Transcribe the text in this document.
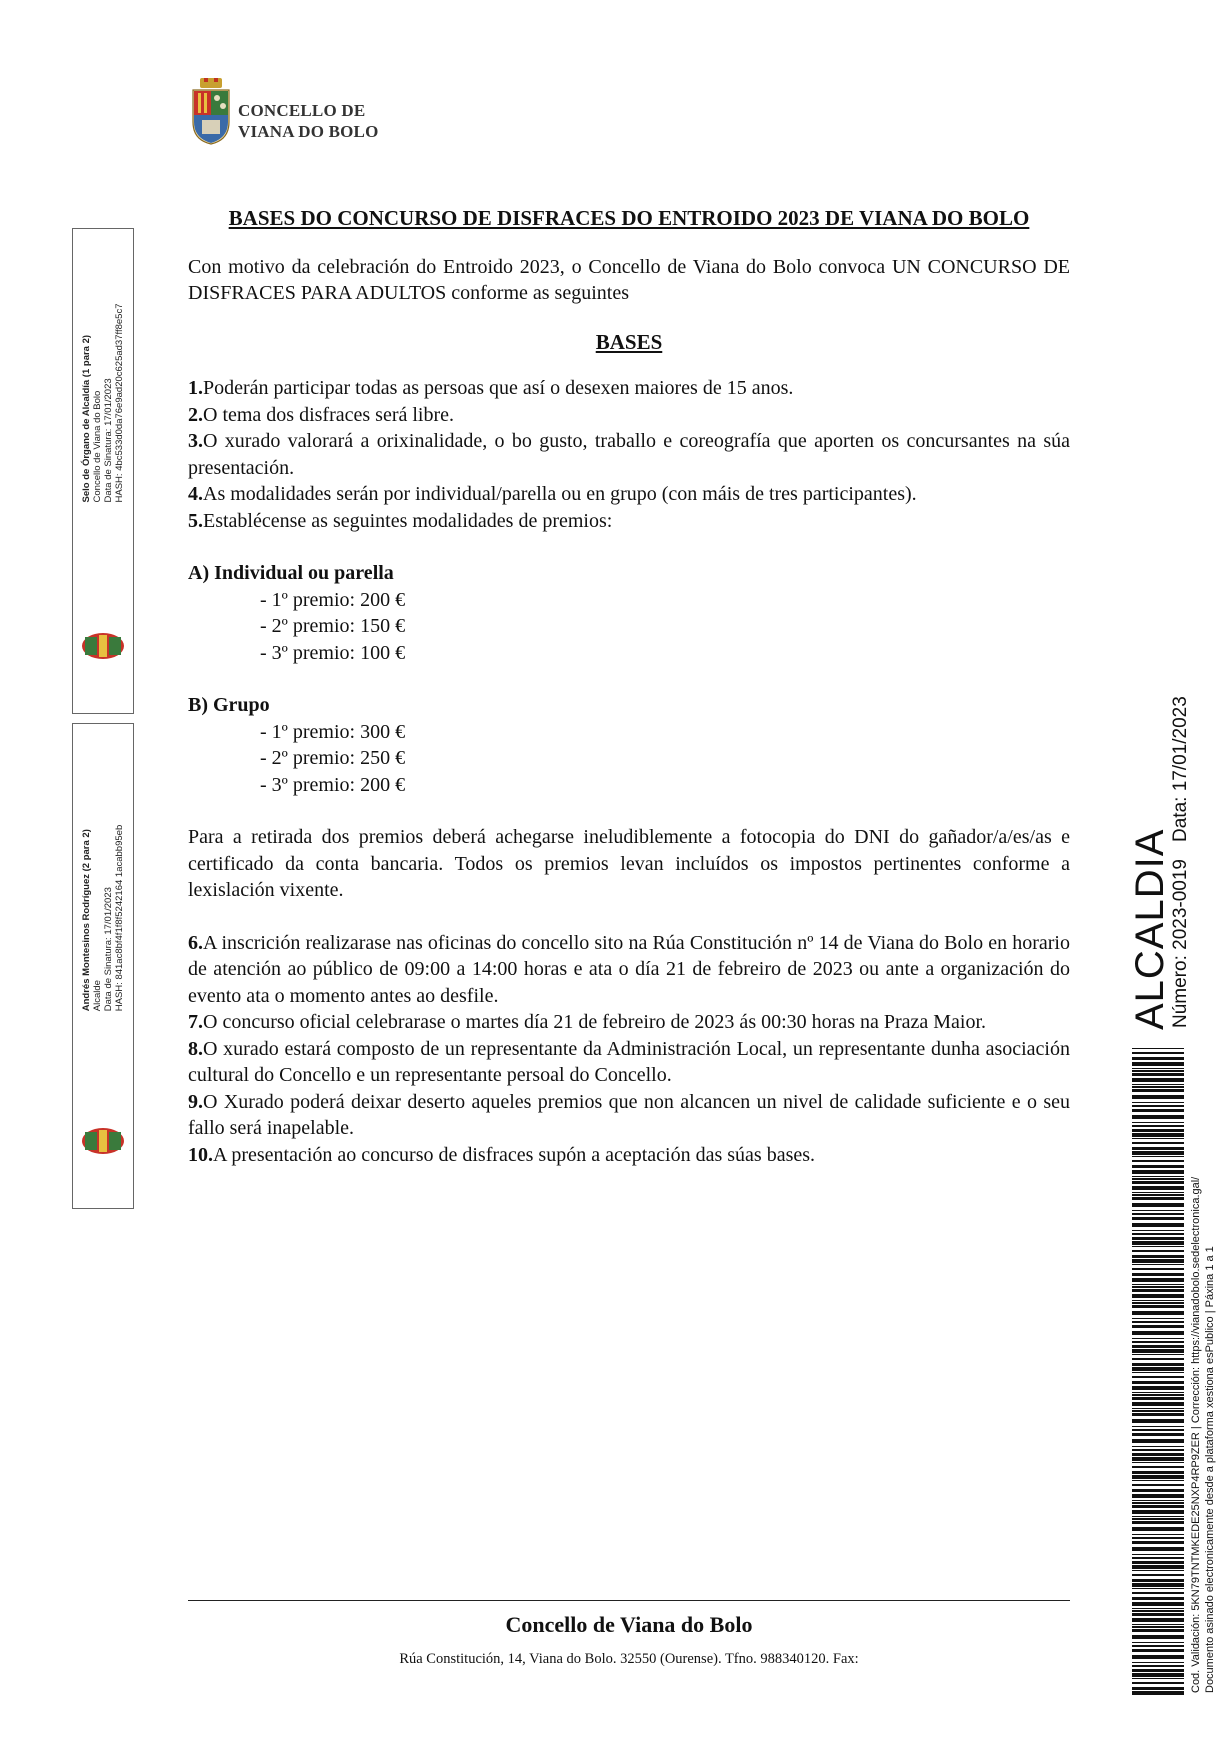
CONCELLO DE
VIANA DO BOLO
BASES DO CONCURSO DE DISFRACES DO ENTROIDO 2023 DE VIANA DO BOLO

Con motivo da celebración do Entroido 2023, o Concello de Viana do Bolo convoca UN CONCURSO DE DISFRACES PARA ADULTOS conforme as seguintes

BASES

1.Poderán participar todas as persoas que así o desexen maiores de 15 anos.

2.O tema dos disfraces será libre.

3.O xurado valorará a orixinalidade, o bo gusto, traballo e coreografía que aporten os concursantes na súa presentación.

4.As modalidades serán por individual/parella ou en grupo (con máis de tres participantes).

5.Establécense as seguintes modalidades de premios:

A) Individual ou parella
- 1º premio: 200 €
- 2º premio: 150 €
- 3º premio: 100 €
B) Grupo
- 1º premio: 300 €
- 2º premio: 250 €
- 3º premio: 200 €

Para a retirada dos premios deberá achegarse ineludiblemente a fotocopia do DNI do gañador/a/es/as e certificado da conta bancaria. Todos os premios levan incluídos os impostos pertinentes conforme a lexislación vixente.

6.A inscrición realizarase nas oficinas do concello sito na Rúa Constitución nº 14 de Viana do Bolo en horario de atención ao público de 09:00 a 14:00 horas e ata o día 21 de febreiro de 2023 ou ante a organización do evento ata o momento antes ao desfile.

7.O concurso oficial celebrarase o martes día 21 de febreiro de 2023 ás 00:30 horas na Praza Maior.

8.O xurado estará composto de un representante da Administración Local, un representante dunha asociación cultural do Concello e un representante persoal do Concello.

9.O Xurado poderá deixar deserto aqueles premios que non alcancen un nivel de calidade suficiente e o seu fallo será inapelable.

10.A presentación ao concurso de disfraces supón a aceptación das súas bases.

Concello de Viana do Bolo
Rúa Constitución, 14, Viana do Bolo. 32550 (Ourense). Tfno. 988340120. Fax:
Selo de Órgano de Alcaldía (1 para 2) Concello de Viana do Bolo Data de Sinatura: 17/01/2023 HASH: 4bc533d0da76e9ad20c625ad37ff8e5c7
Andrés Montesinos Rodríguez (2 para 2) Alcalde Data de Sinatura: 17/01/2023 HASH: 841ac8bf4f1f8f5242164 1acabb95eb	ALCALDIA
Número: 2023-0019
Data: 17/01/2023
Cod. Validación: 5KN79TNTMKEDE25NXP4RP9ZER | Corrección: https://vianadobolo.sedelectronica.gal/ Documento asinado electronicamente desde a plataforma xestiona esPublico | Páxina 1 a 1
